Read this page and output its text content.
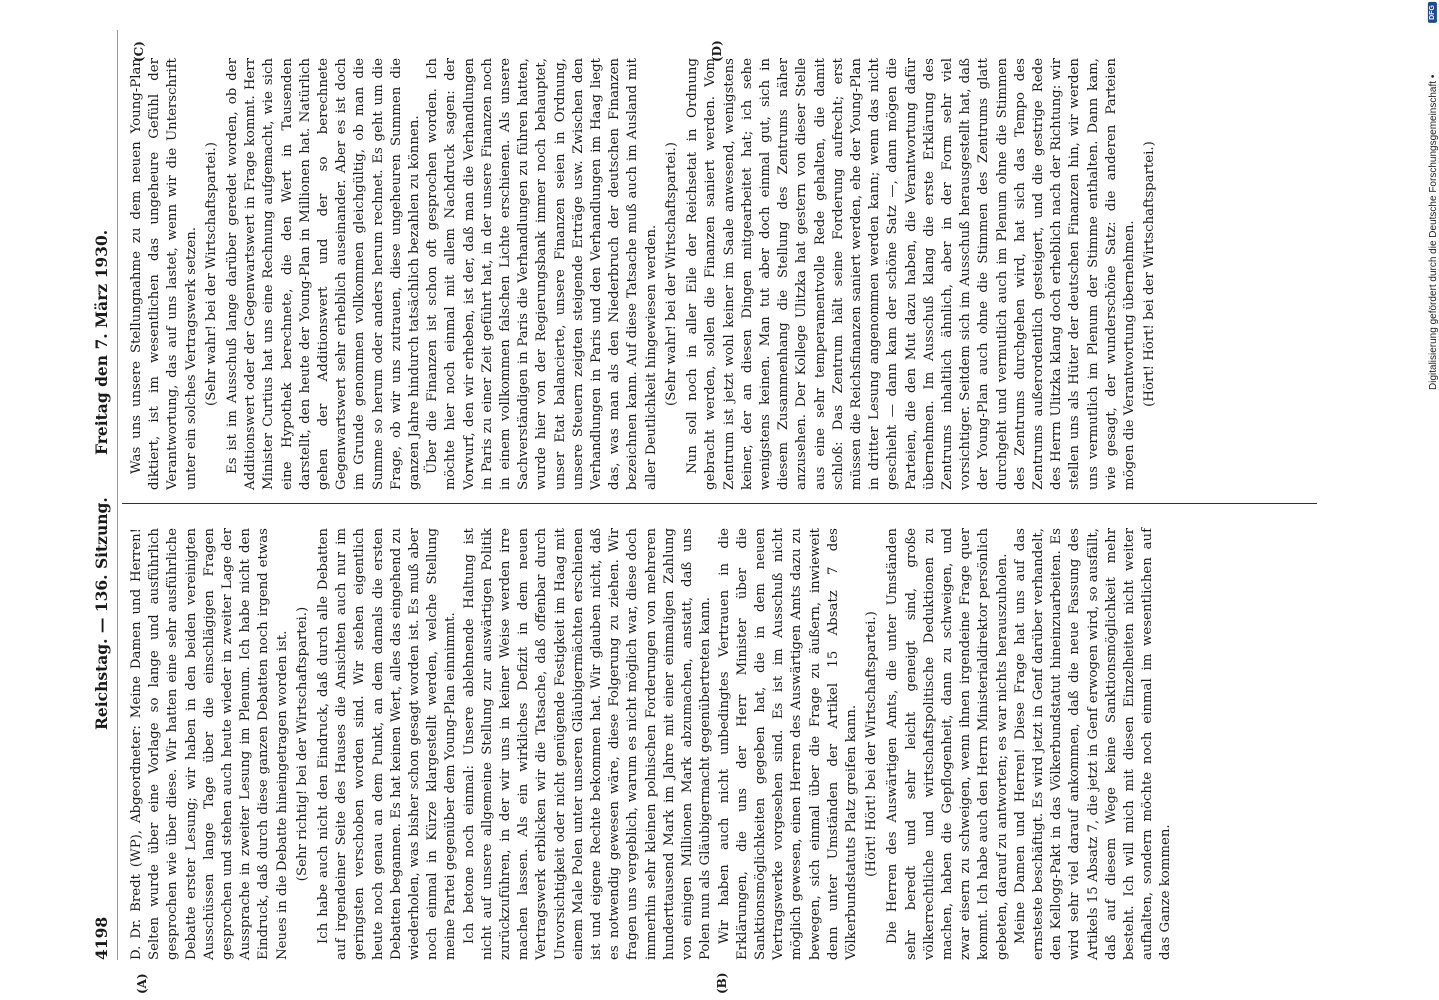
4198
Reichstag. — 136. Sitzung.
Freitag den 7. März 1930.
(A)	(B)
(C)	(D)

D. Dr. Bredt (WP), Abgeordneter: Meine Damen und Herren! Selten wurde über eine Vorlage so lange und ausführlich gesprochen wie über diese. Wir hatten eine sehr ausführliche Debatte erster Lesung; wir haben in den beiden vereinigten Ausschüssen lange Tage über die einschlägigen Fragen gesprochen und stehen auch heute wieder in zweiter Lage der Aussprache in zweiter Lesung im Plenum. Ich habe nicht den Eindruck, daß durch diese ganzen Debatten noch irgend etwas Neues in die Debatte hineingetragen worden ist. (Sehr richtig! bei der Wirtschaftspartei.) Ich habe auch nicht den Eindruck, daß durch alle Debatten auf irgendeiner Seite des Hauses die Ansichten auch nur im geringsten verschoben worden sind. Wir stehen eigentlich heute noch genau an dem Punkt, an dem damals die ersten Debatten begannen. Es hat keinen Wert, alles das eingehend zu wiederholen, was bisher schon gesagt worden ist. Es muß aber noch einmal in Kürze klargestellt werden, welche Stellung meine Partei gegenüber dem Young-Plan einnimmt. Ich betone noch einmal: Unsere ablehnende Haltung ist nicht auf unsere allgemeine Stellung zur auswärtigen Politik zurückzuführen, in der wir uns in keiner Weise werden irre machen lassen. Als ein wirkliches Defizit in dem neuen Vertragswerk erblicken wir die Tatsache, daß offenbar durch Unvorsichtigkeit oder nicht genügende Festigkeit im Haag mit einem Male Polen unter unseren Gläubigermächten erschienen ist und eigene Rechte bekommen hat. Wir glauben nicht, daß es notwendig gewesen wäre, diese Folgerung zu ziehen. Wir fragen uns vergeblich, warum es nicht möglich war, diese doch immerhin sehr kleinen polnischen Forderungen von mehreren hunderttausend Mark im Jahre mit einer einmaligen Zahlung von einigen Millionen Mark abzumachen, anstatt, daß uns Polen nun als Gläubigermacht gegenübertreten kann. Wir haben auch nicht unbedingtes Vertrauen in die Erklärungen, die uns der Herr Minister über die Sanktionsmöglichkeiten gegeben hat, die in dem neuen Vertragswerke vorgesehen sind. Es ist im Ausschuß nicht möglich gewesen, einen Herren des Auswärtigen Amts dazu zu bewegen, sich einmal über die Frage zu äußern, inwieweit denn unter Umständen der Artikel 15 Absatz 7 des Völkerbundstatuts Platz greifen kann. (Hört! Hört! bei der Wirtschaftspartei.) Die Herren des Auswärtigen Amts, die unter Umständen sehr beredt und sehr leicht geneigt sind, große völkerrechtliche und wirtschaftspolitische Deduktionen zu machen, haben die Gepflogenheit, dann zu schweigen, und zwar eisern zu schweigen, wenn ihnen irgendeine Frage quer kommt. Ich habe auch den Herrn Ministerialdirektor persönlich gebeten, darauf zu antworten; es war nichts herauszuholen. Meine Damen und Herren! Diese Frage hat uns auf das ernsteste beschäftigt. Es wird jetzt in Genf darüber verhandelt, den Kellogg-Pakt in das Völkerbundstatut hineinzuarbeiten. Es wird sehr viel darauf ankommen, daß die neue Fassung des Artikels 15 Absatz 7, die jetzt in Genf erwogen wird, so ausfällt, daß auf diesem Wege keine Sanktionsmöglichkeit mehr besteht. Ich will mich mit diesen Einzelheiten nicht weiter aufhalten, sondern möchte noch einmal im wesentlichen auf das Ganze kommen.

Was uns unsere Stellungnahme zu dem neuen Young-Plan diktiert, ist im wesentlichen das ungeheure Gefühl der Verantwortung, das auf uns lastet, wenn wir die Unterschrift unter ein solches Vertragswerk setzen. (Sehr wahr! bei der Wirtschaftspartei.) Es ist im Ausschuß lange darüber geredet worden, ob der Additionswert oder der Gegenwartswert in Frage kommt. Herr Minister Curtius hat uns eine Rechnung aufgemacht, wie sich eine Hypothek berechnete, die den Wert in Tausenden darstellt, den heute der Young-Plan in Millionen hat. Natürlich gehen der Additionswert und der so berechnete Gegenwartswert sehr erheblich auseinander. Aber es ist doch im Grunde genommen vollkommen gleichgültig, ob man die Summe so herum oder anders herum rechnet. Es geht um die Frage, ob wir uns zutrauen, diese ungeheuren Summen die ganzen Jahre hindurch tatsächlich bezahlen zu können. Über die Finanzen ist schon oft gesprochen worden. Ich möchte hier noch einmal mit allem Nachdruck sagen: der Vorwurf, den wir erheben, ist der, daß man die Verhandlungen in Paris zu einer Zeit geführt hat, in der unsere Finanzen noch in einem vollkommen falschen Lichte erschienen. Als unsere Sachverständigen in Paris die Verhandlungen zu führen hatten, wurde hier von der Regierungsbank immer noch behauptet, unser Etat balancierte, unsere Finanzen seien in Ordnung, unsere Steuern zeigten steigende Erträge usw. Zwischen den Verhandlungen in Paris und den Verhandlungen im Haag liegt das, was man als den Niederbruch der deutschen Finanzen bezeichnen kann. Auf diese Tatsache muß auch im Ausland mit aller Deutlichkeit hingewiesen werden. (Sehr wahr! bei der Wirtschaftspartei.) Nun soll noch in aller Eile der Reichsetat in Ordnung gebracht werden, sollen die Finanzen saniert werden. Vom Zentrum ist jetzt wohl keiner im Saale anwesend, wenigstens keiner, der an diesen Dingen mitgearbeitet hat; ich sehe wenigstens keinen. Man tut aber doch einmal gut, sich in diesem Zusammenhang die Stellung des Zentrums näher anzusehen. Der Kollege Ulitzka hat gestern von dieser Stelle aus eine sehr temperamentvolle Rede gehalten, die damit schloß: Das Zentrum hält seine Forderung aufrecht; erst müssen die Reichsfinanzen saniert werden, ehe der Young-Plan in dritter Lesung angenommen werden kann; wenn das nicht geschieht — dann kam der schöne Satz —, dann mögen die Parteien, die den Mut dazu haben, die Verantwortung dafür übernehmen. Im Ausschuß klang die erste Erklärung des Zentrums inhaltlich ähnlich, aber in der Form sehr viel vorsichtiger. Seitdem sich im Ausschuß herausgestellt hat, daß der Young-Plan auch ohne die Stimmen des Zentrums glatt durchgeht und vermutlich auch im Plenum ohne die Stimmen des Zentrums durchgehen wird, hat sich das Tempo des Zentrums außerordentlich gesteigert, und die gestrige Rede des Herrn Ulitzka klang doch erheblich nach der Richtung: wir stellen uns als Hüter der deutschen Finanzen hin, wir werden uns vermutlich im Plenum der Stimme enthalten. Dann kam, wie gesagt, der wunderschöne Satz: die anderen Parteien mögen die Verantwortung übernehmen. (Hört! Hört! bei der Wirtschaftspartei.)	Digitalisierung gefördert durch die Deutsche Forschungsgemeinschaft •
DFG
